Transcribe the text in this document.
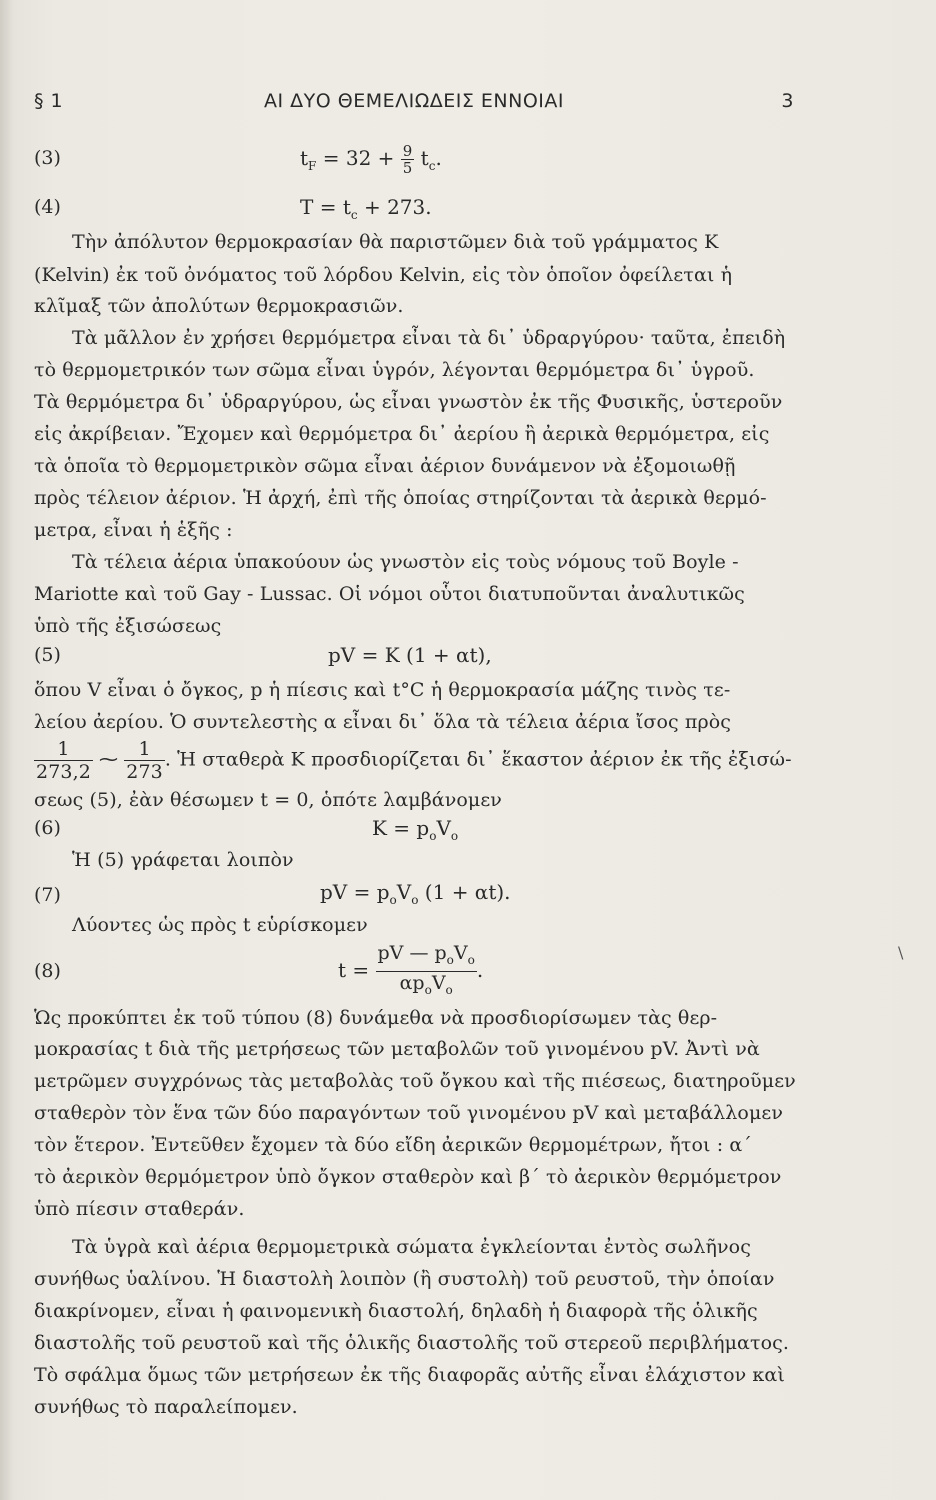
§ 1	ΑΙ ΔΥΟ ΘΕΜΕΛΙΩΔΕΙΣ ΕΝΝΟΙΑΙ	3
(3)	$t_F = 32 + \frac{9}{5} t_c$.
(4)	$T = t_c + 273$.
Τὴν ἀπόλυτον θερμοκρασίαν θὰ παριστῶμεν διὰ τοῦ γράμματος K
(Kelvin) ἐκ τοῦ ὀνόματος τοῦ λόρδου Kelvin, εἰς τὸν ὁποῖον ὀφείλεται ἡ
κλῖμαξ τῶν ἀπολύτων θερμοκρασιῶν.
Τὰ μᾶλλον ἐν χρήσει θερμόμετρα εἶναι τὰ δι᾽ ὑδραργύρου· ταῦτα, ἐπειδὴ
τὸ θερμομετρικόν των σῶμα εἶναι ὑγρόν, λέγονται θερμόμετρα δι᾽ ὑγροῦ.
Τὰ θερμόμετρα δι᾽ ὑδραργύρου, ὡς εἶναι γνωστὸν ἐκ τῆς Φυσικῆς, ὑστεροῦν
εἰς ἀκρίβειαν. Ἔχομεν καὶ θερμόμετρα δι᾽ ἀερίου ἢ ἀερικὰ θερμόμετρα, εἰς
τὰ ὁποῖα τὸ θερμομετρικὸν σῶμα εἶναι ἀέριον δυνάμενον νὰ ἐξομοιωθῇ
πρὸς τέλειον ἀέριον. Ἡ ἀρχή, ἐπὶ τῆς ὁποίας στηρίζονται τὰ ἀερικὰ θερμό-
μετρα, εἶναι ἡ ἑξῆς :
Τὰ τέλεια ἀέρια ὑπακούουν ὡς γνωστὸν εἰς τοὺς νόμους τοῦ Boyle -
Mariotte καὶ τοῦ Gay - Lussac. Οἱ νόμοι οὗτοι διατυποῦνται ἀναλυτικῶς
ὑπὸ τῆς ἐξισώσεως
(5)	pV = K (1 + αt),
ὅπου V εἶναι ὁ ὄγκος, p ἡ πίεσις καὶ t°C ἡ θερμοκρασία μάζης τινὸς τε-
λείου ἀερίου. Ὁ συντελεστὴς α εἶναι δι᾽ ὅλα τὰ τέλεια ἀέρια ἴσος πρὸς
$\frac{1}{273,2}$ ⁓ $\frac{1}{273}$ . Ἡ σταθερὰ K προσδιορίζεται δι᾽ ἕκαστον ἀέριον ἐκ τῆς ἐξισώ-
σεως (5), ἐὰν θέσωμεν t = 0, ὁπότε λαμβάνομεν
(6)	$K = p_oV_o$
Ἡ (5) γράφεται λοιπὸν
(7)	pV = $p_oV_o$ (1 + αt).
Λύοντες ὡς πρὸς t εὑρίσκομεν
(8)	$t = \frac{pV — p_oV_o}{\alpha p_oV_o}$ .
Ὡς προκύπτει ἐκ τοῦ τύπου (8) δυνάμεθα νὰ προσδιορίσωμεν τὰς θερ-
μοκρασίας t διὰ τῆς μετρήσεως τῶν μεταβολῶν τοῦ γινομένου pV. Ἀντὶ νὰ
μετρῶμεν συγχρόνως τὰς μεταβολὰς τοῦ ὄγκου καὶ τῆς πιέσεως, διατηροῦμεν
σταθερὸν τὸν ἕνα τῶν δύο παραγόντων τοῦ γινομένου pV καὶ μεταβάλλομεν
τὸν ἕτερον. Ἐντεῦθεν ἔχομεν τὰ δύο εἴδη ἀερικῶν θερμομέτρων, ἤτοι : α´
τὸ ἀερικὸν θερμόμετρον ὑπὸ ὄγκον σταθερὸν καὶ β´ τὸ ἀερικὸν θερμόμετρον
ὑπὸ πίεσιν σταθεράν.
Τὰ ὑγρὰ καὶ ἀέρια θερμομετρικὰ σώματα ἐγκλείονται ἐντὸς σωλῆνος
συνήθως ὑαλίνου. Ἡ διαστολὴ λοιπὸν (ἢ συστολὴ) τοῦ ρευστοῦ, τὴν ὁποίαν
διακρίνομεν, εἶναι ἡ φαινομενικὴ διαστολή, δηλαδὴ ἡ διαφορὰ τῆς ὁλικῆς
διαστολῆς τοῦ ρευστοῦ καὶ τῆς ὁλικῆς διαστολῆς τοῦ στερεοῦ περιβλήματος.
Τὸ σφάλμα ὅμως τῶν μετρήσεων ἐκ τῆς διαφορᾶς αὐτῆς εἶναι ἐλάχιστον καὶ
συνήθως τὸ παραλείπομεν.
\
